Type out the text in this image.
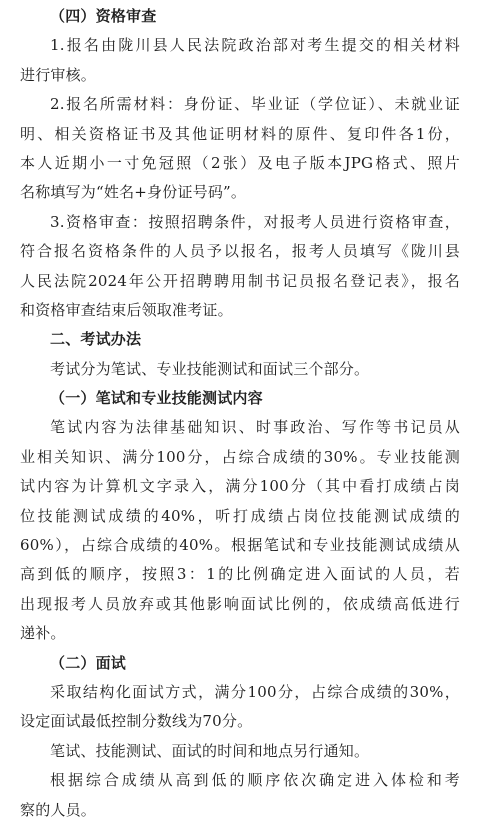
（四）资格审查
1.报名由陇川县人民法院政治部对考生提交的相关材料
进行审核。
2.报名所需材料：身份证、毕业证（学位证）、未就业证
明、相关资格证书及其他证明材料的原件、复印件各1份，
本人近期小一寸免冠照（2张）及电子版本JPG格式、照片
名称填写为“姓名+身份证号码”。
3.资格审查：按照招聘条件，对报考人员进行资格审查，
符合报名资格条件的人员予以报名，报考人员填写《陇川县
人民法院2024年公开招聘聘用制书记员报名登记表》，报名
和资格审查结束后领取准考证。
二、考试办法
考试分为笔试、专业技能测试和面试三个部分。
（一）笔试和专业技能测试内容
笔试内容为法律基础知识、时事政治、写作等书记员从
业相关知识、满分100分，占综合成绩的30%。专业技能测
试内容为计算机文字录入，满分100分（其中看打成绩占岗
位技能测试成绩的40%，听打成绩占岗位技能测试成绩的
60%），占综合成绩的40%。根据笔试和专业技能测试成绩从
高到低的顺序，按照3：1的比例确定进入面试的人员，若
出现报考人员放弃或其他影响面试比例的，依成绩高低进行
递补。
（二）面试
采取结构化面试方式，满分100分，占综合成绩的30%，
设定面试最低控制分数线为70分。
笔试、技能测试、面试的时间和地点另行通知。
根据综合成绩从高到低的顺序依次确定进入体检和考
察的人员。
